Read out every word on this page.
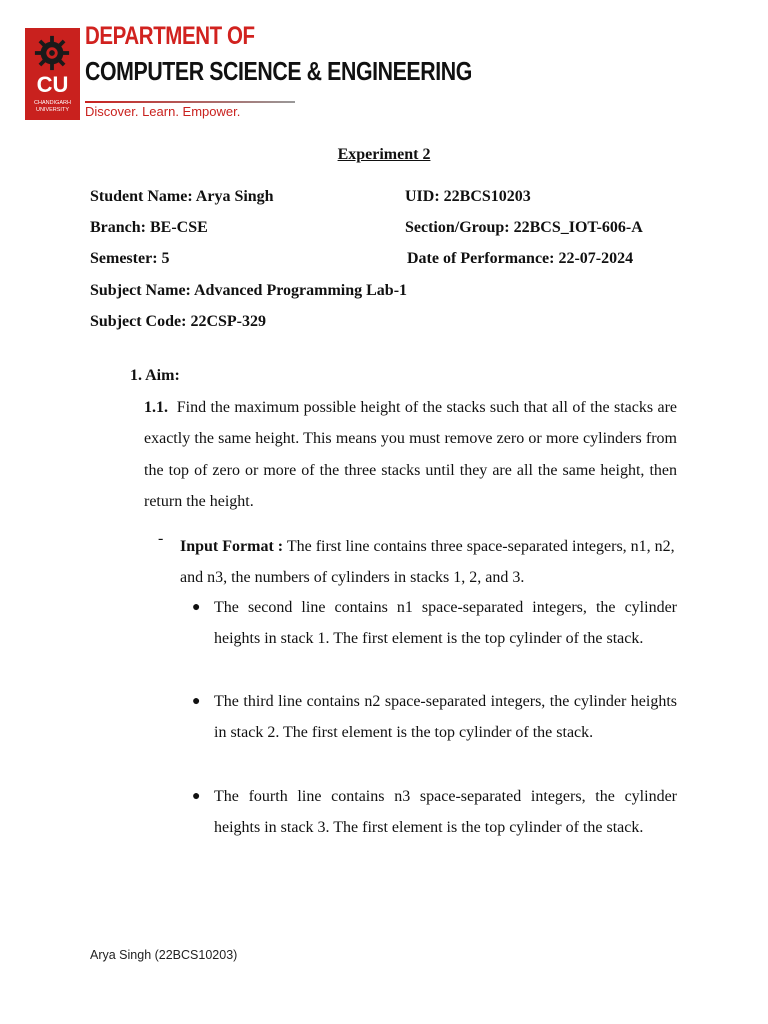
CU
CHANDIGARH UNIVERSITY
DEPARTMENT OF
COMPUTER SCIENCE & ENGINEERING
Discover. Learn. Empower.
Experiment 2
Student Name: Arya Singh	UID: 22BCS10203
Branch: BE-CSE	Section/Group: 22BCS_IOT-606-A
Semester: 5	Date of Performance: 22-07-2024
Subject Name: Advanced Programming Lab-1
Subject Code: 22CSP-329
1. Aim:
1.1. Find the maximum possible height of the stacks such that all of the stacks are exactly the same height. This means you must remove zero or more cylinders from the top of zero or more of the three stacks until they are all the same height, then return the height.
- Input Format : The first line contains three space-separated integers, n1, n2, and n3, the numbers of cylinders in stacks 1, 2, and 3.
● The second line contains n1 space-separated integers, the cylinder heights in stack 1. The first element is the top cylinder of the stack.
● The third line contains n2 space-separated integers, the cylinder heights in stack 2. The first element is the top cylinder of the stack.
● The fourth line contains n3 space-separated integers, the cylinder heights in stack 3. The first element is the top cylinder of the stack.
Arya Singh (22BCS10203)
